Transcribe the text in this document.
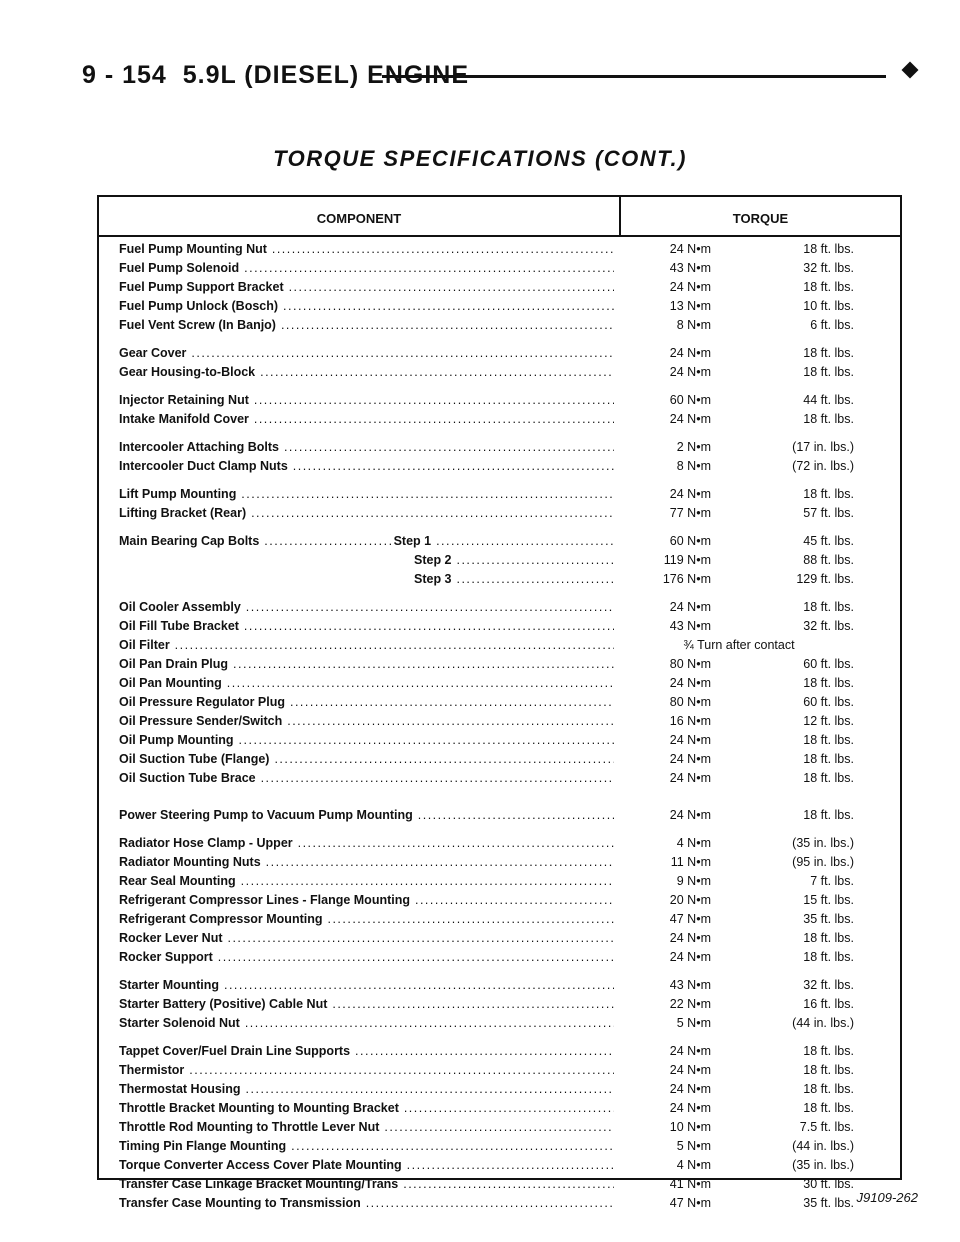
9 - 154 5.9L (DIESEL) ENGINE
TORQUE SPECIFICATIONS (CONT.)
COMPONENT	TORQUE
Fuel Pump Mounting Nut .....	24 N•m	18 ft. lbs.
Fuel Pump Solenoid .....	43 N•m	32 ft. lbs.
Fuel Pump Support Bracket .....	24 N•m	18 ft. lbs.
Fuel Pump Unlock (Bosch) .....	13 N•m	10 ft. lbs.
Fuel Vent Screw (In Banjo) .....	8 N•m	6 ft. lbs.
Gear Cover .....	24 N•m	18 ft. lbs.
Gear Housing-to-Block .....	24 N•m	18 ft. lbs.
Injector Retaining Nut .....	60 N•m	44 ft. lbs.
Intake Manifold Cover .....	24 N•m	18 ft. lbs.
Intercooler Attaching Bolts .....	2 N•m	(17 in. lbs.)
Intercooler Duct Clamp Nuts .....	8 N•m	(72 in. lbs.)
Lift Pump Mounting .....	24 N•m	18 ft. lbs.
Lifting Bracket (Rear) .....	77 N•m	57 ft. lbs.
Main Bearing Cap Bolts ..........................Step 1 .....	60 N•m	45 ft. lbs.
Step 2 .....	119 N•m	88 ft. lbs.
Step 3 .....	176 N•m	129 ft. lbs.
Oil Cooler Assembly .....	24 N•m	18 ft. lbs.
Oil Fill Tube Bracket .....	43 N•m	32 ft. lbs.
Oil Filter .....	¾ Turn after contact
Oil Pan Drain Plug .....	80 N•m	60 ft. lbs.
Oil Pan Mounting .....	24 N•m	18 ft. lbs.
Oil Pressure Regulator Plug .....	80 N•m	60 ft. lbs.
Oil Pressure Sender/Switch .....	16 N•m	12 ft. lbs.
Oil Pump Mounting .....	24 N•m	18 ft. lbs.
Oil Suction Tube (Flange) .....	24 N•m	18 ft. lbs.
Oil Suction Tube Brace .....	24 N•m	18 ft. lbs.
Power Steering Pump to Vacuum Pump Mounting .....	24 N•m	18 ft. lbs.
Radiator Hose Clamp - Upper .....	4 N•m	(35 in. lbs.)
Radiator Mounting Nuts .....	11 N•m	(95 in. lbs.)
Rear Seal Mounting .....	9 N•m	7 ft. lbs.
Refrigerant Compressor Lines - Flange Mounting .....	20 N•m	15 ft. lbs.
Refrigerant Compressor Mounting .....	47 N•m	35 ft. lbs.
Rocker Lever Nut .....	24 N•m	18 ft. lbs.
Rocker Support .....	24 N•m	18 ft. lbs.
Starter Mounting .....	43 N•m	32 ft. lbs.
Starter Battery (Positive) Cable Nut .....	22 N•m	16 ft. lbs.
Starter Solenoid Nut .....	5 N•m	(44 in. lbs.)
Tappet Cover/Fuel Drain Line Supports .....	24 N•m	18 ft. lbs.
Thermistor .....	24 N•m	18 ft. lbs.
Thermostat Housing .....	24 N•m	18 ft. lbs.
Throttle Bracket Mounting to Mounting Bracket .....	24 N•m	18 ft. lbs.
Throttle Rod Mounting to Throttle Lever Nut .....	10 N•m	7.5 ft. lbs.
Timing Pin Flange Mounting .....	5 N•m	(44 in. lbs.)
Torque Converter Access Cover Plate Mounting .....	4 N•m	(35 in. lbs.)
Transfer Case Linkage Bracket Mounting/Trans .....	41 N•m	30 ft. lbs.
Transfer Case Mounting to Transmission .....	47 N•m	35 ft. lbs. J9109-262
